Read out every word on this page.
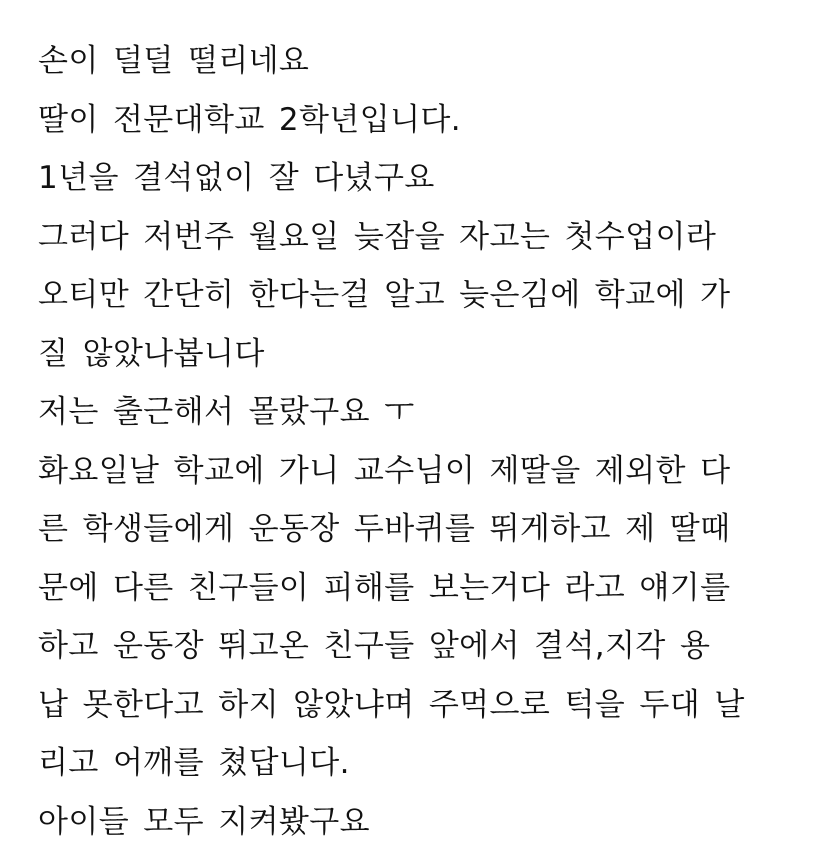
손이 덜덜 떨리네요
딸이 전문대학교 2학년입니다.
1년을 결석없이 잘 다녔구요
그러다 저번주 월요일 늦잠을 자고는 첫수업이라
오티만 간단히 한다는걸 알고 늦은김에 학교에 가
질 않았나봅니다
저는 출근해서 몰랐구요 ㅜ
화요일날 학교에 가니 교수님이 제딸을 제외한 다
른 학생들에게 운동장 두바퀴를 뛰게하고 제 딸때
문에 다른 친구들이 피해를 보는거다 라고 얘기를
하고 운동장 뛰고온 친구들 앞에서 결석,지각 용
납 못한다고 하지 않았냐며 주먹으로 턱을 두대 날
리고 어깨를 쳤답니다.
아이들 모두 지켜봤구요
